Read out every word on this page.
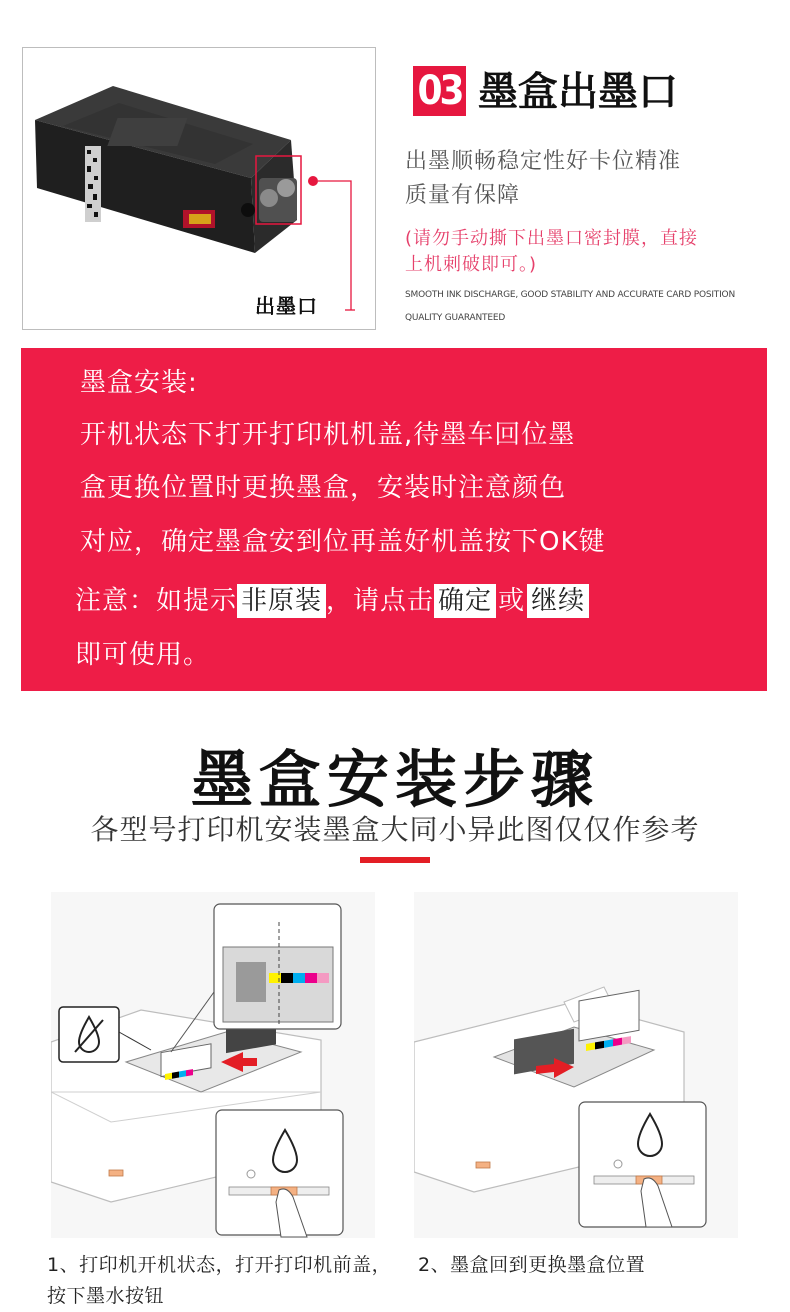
出墨口
03 墨盒出墨口
出墨顺畅稳定性好卡位精准
质量有保障
(请勿手动撕下出墨口密封膜，直接
上机刺破即可。)
SMOOTH INK DISCHARGE, GOOD STABILITY AND ACCURATE CARD POSITION
QUALITY GUARANTEED
墨盒安装:
开机状态下打开打印机机盖,待墨车回位墨
盒更换位置时更换墨盒，安装时注意颜色
对应，确定墨盒安到位再盖好机盖按下OK键
注意：如提示 非原装 ，请点击 确定 或 继续
即可使用。
墨盒安装步骤
各型号打印机安装墨盒大同小异此图仅仅作参考
1、打印机开机状态，打开打印机前盖，
按下墨水按钮
2、墨盒回到更换墨盒位置
